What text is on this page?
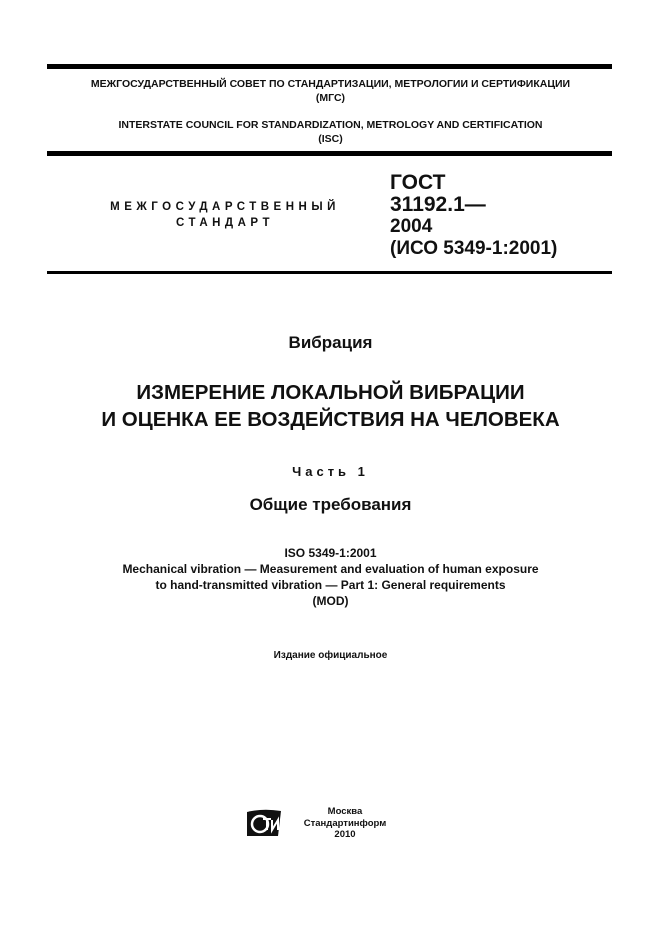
МЕЖГОСУДАРСТВЕННЫЙ СОВЕТ ПО СТАНДАРТИЗАЦИИ, МЕТРОЛОГИИ И СЕРТИФИКАЦИИ
(МГС)
INTERSTATE COUNCIL FOR STANDARDIZATION, METROLOGY AND CERTIFICATION
(ISC)
МЕЖГОСУДАРСТВЕННЫЙ
СТАНДАРТ
ГОСТ
31192.1—
2004
(ИСО 5349-1:2001)
Вибрация
ИЗМЕРЕНИЕ ЛОКАЛЬНОЙ ВИБРАЦИИ
И ОЦЕНКА ЕЕ ВОЗДЕЙСТВИЯ НА ЧЕЛОВЕКА
Часть 1
Общие требования
ISO 5349-1:2001
Mechanical vibration — Measurement and evaluation of human exposure
to hand-transmitted vibration — Part 1: General requirements
(MOD)
Издание официальное
Москва
Стандартинформ
2010
